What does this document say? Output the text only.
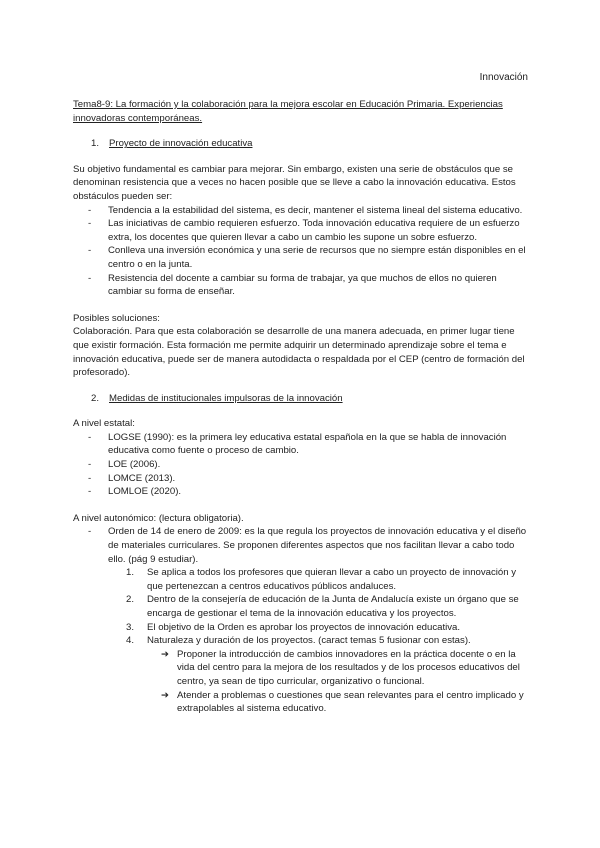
Innovación

Tema8-9: La formación y la colaboración para la mejora escolar en Educación Primaria. Experiencias innovadoras contemporáneas.

1.	Proyecto de innovación educativa

Su objetivo fundamental es cambiar para mejorar. Sin embargo, existen una serie de obstáculos que se denominan resistencia que a veces no hacen posible que se lleve a cabo la innovación educativa. Estos obstáculos pueden ser:

-	Tendencia a la estabilidad del sistema, es decir, mantener el sistema lineal del sistema educativo.
-	Las iniciativas de cambio requieren esfuerzo. Toda innovación educativa requiere de un esfuerzo extra, los docentes que quieren llevar a cabo un cambio les supone un sobre esfuerzo.
-	Conlleva una inversión económica y una serie de recursos que no siempre están disponibles en el centro o en la junta.
-	Resistencia del docente a cambiar su forma de trabajar, ya que muchos de ellos no quieren cambiar su forma de enseñar.

Posibles soluciones:

Colaboración. Para que esta colaboración se desarrolle de una manera adecuada, en primer lugar tiene que existir formación. Esta formación me permite adquirir un determinado aprendizaje sobre el tema e innovación educativa, puede ser de manera autodidacta o respaldada por el CEP (centro de formación del profesorado).

2.	Medidas de institucionales impulsoras de la innovación

A nivel estatal:

-	LOGSE (1990): es la primera ley educativa estatal española en la que se habla de innovación educativa como fuente o proceso de cambio.
-	LOE (2006).
-	LOMCE (2013).
-	LOMLOE (2020).

A nivel autonómico: (lectura obligatoria).

-	Orden de 14 de enero de 2009: es la que regula los proyectos de innovación educativa y el diseño de materiales curriculares. Se proponen diferentes aspectos que nos facilitan llevar a cabo todo ello. (pág 9 estudiar).
1.	Se aplica a todos los profesores que quieran llevar a cabo un proyecto de innovación y que pertenezcan a centros educativos públicos andaluces.
2.	Dentro de la consejería de educación de la Junta de Andalucía existe un órgano que se encarga de gestionar el tema de la innovación educativa y los proyectos.
3.	El objetivo de la Orden es aprobar los proyectos de innovación educativa.
4.	Naturaleza y duración de los proyectos. (caract temas 5 fusionar con estas).
➔ Proponer la introducción de cambios innovadores en la práctica docente o en la vida del centro para la mejora de los resultados y de los procesos educativos del centro, ya sean de tipo curricular, organizativo o funcional.
➔ Atender a problemas o cuestiones que sean relevantes para el centro implicado y extrapolables al sistema educativo.
